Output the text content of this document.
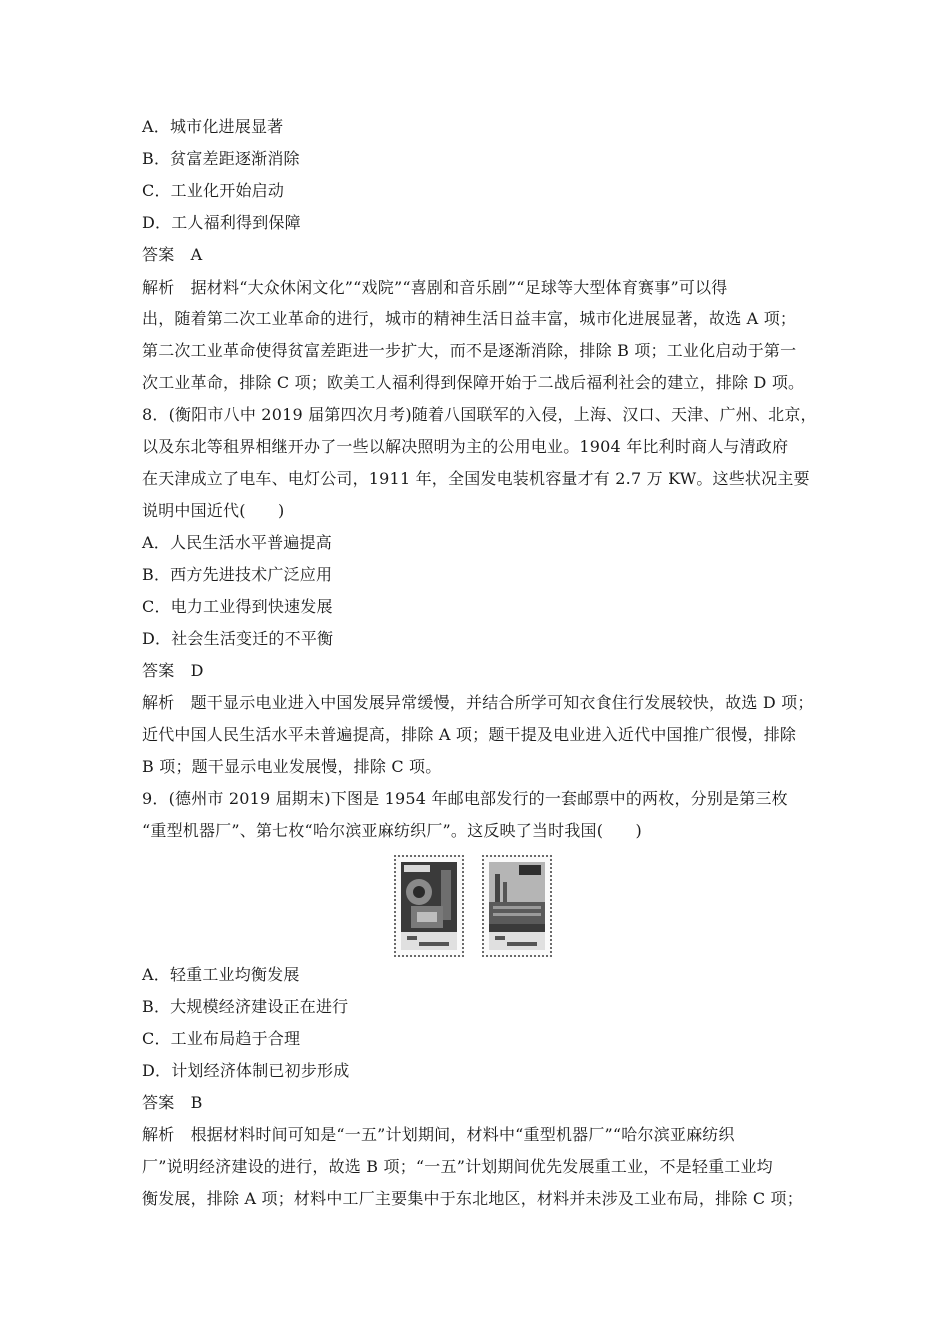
A．城市化进展显著
B．贫富差距逐渐消除
C．工业化开始启动
D．工人福利得到保障
答案　A
解析　据材料“大众休闲文化”“戏院”“喜剧和音乐剧”“足球等大型体育赛事”可以得
出，随着第二次工业革命的进行，城市的精神生活日益丰富，城市化进展显著，故选 A 项；
第二次工业革命使得贫富差距进一步扩大，而不是逐渐消除，排除 B 项；工业化启动于第一
次工业革命，排除 C 项；欧美工人福利得到保障开始于二战后福利社会的建立，排除 D 项。
8．(衡阳市八中 2019 届第四次月考)随着八国联军的入侵，上海、汉口、天津、广州、北京，
以及东北等租界相继开办了一些以解决照明为主的公用电业。1904 年比利时商人与清政府
在天津成立了电车、电灯公司，1911 年，全国发电装机容量才有 2.7 万 KW。这些状况主要
说明中国近代(　　)
A．人民生活水平普遍提高
B．西方先进技术广泛应用
C．电力工业得到快速发展
D．社会生活变迁的不平衡
答案　D
解析　题干显示电业进入中国发展异常缓慢，并结合所学可知衣食住行发展较快，故选 D 项；
近代中国人民生活水平未普遍提高，排除 A 项；题干提及电业进入近代中国推广很慢，排除
B 项；题干显示电业发展慢，排除 C 项。
9．(德州市 2019 届期末)下图是 1954 年邮电部发行的一套邮票中的两枚，分别是第三枚
“重型机器厂”、第七枚“哈尔滨亚麻纺织厂”。这反映了当时我国(　　)
A．轻重工业均衡发展
B．大规模经济建设正在进行
C．工业布局趋于合理
D．计划经济体制已初步形成
答案　B
解析　根据材料时间可知是“一五”计划期间，材料中“重型机器厂”“哈尔滨亚麻纺织
厂”说明经济建设的进行，故选 B 项；“一五”计划期间优先发展重工业，不是轻重工业均
衡发展，排除 A 项；材料中工厂主要集中于东北地区，材料并未涉及工业布局，排除 C 项；
